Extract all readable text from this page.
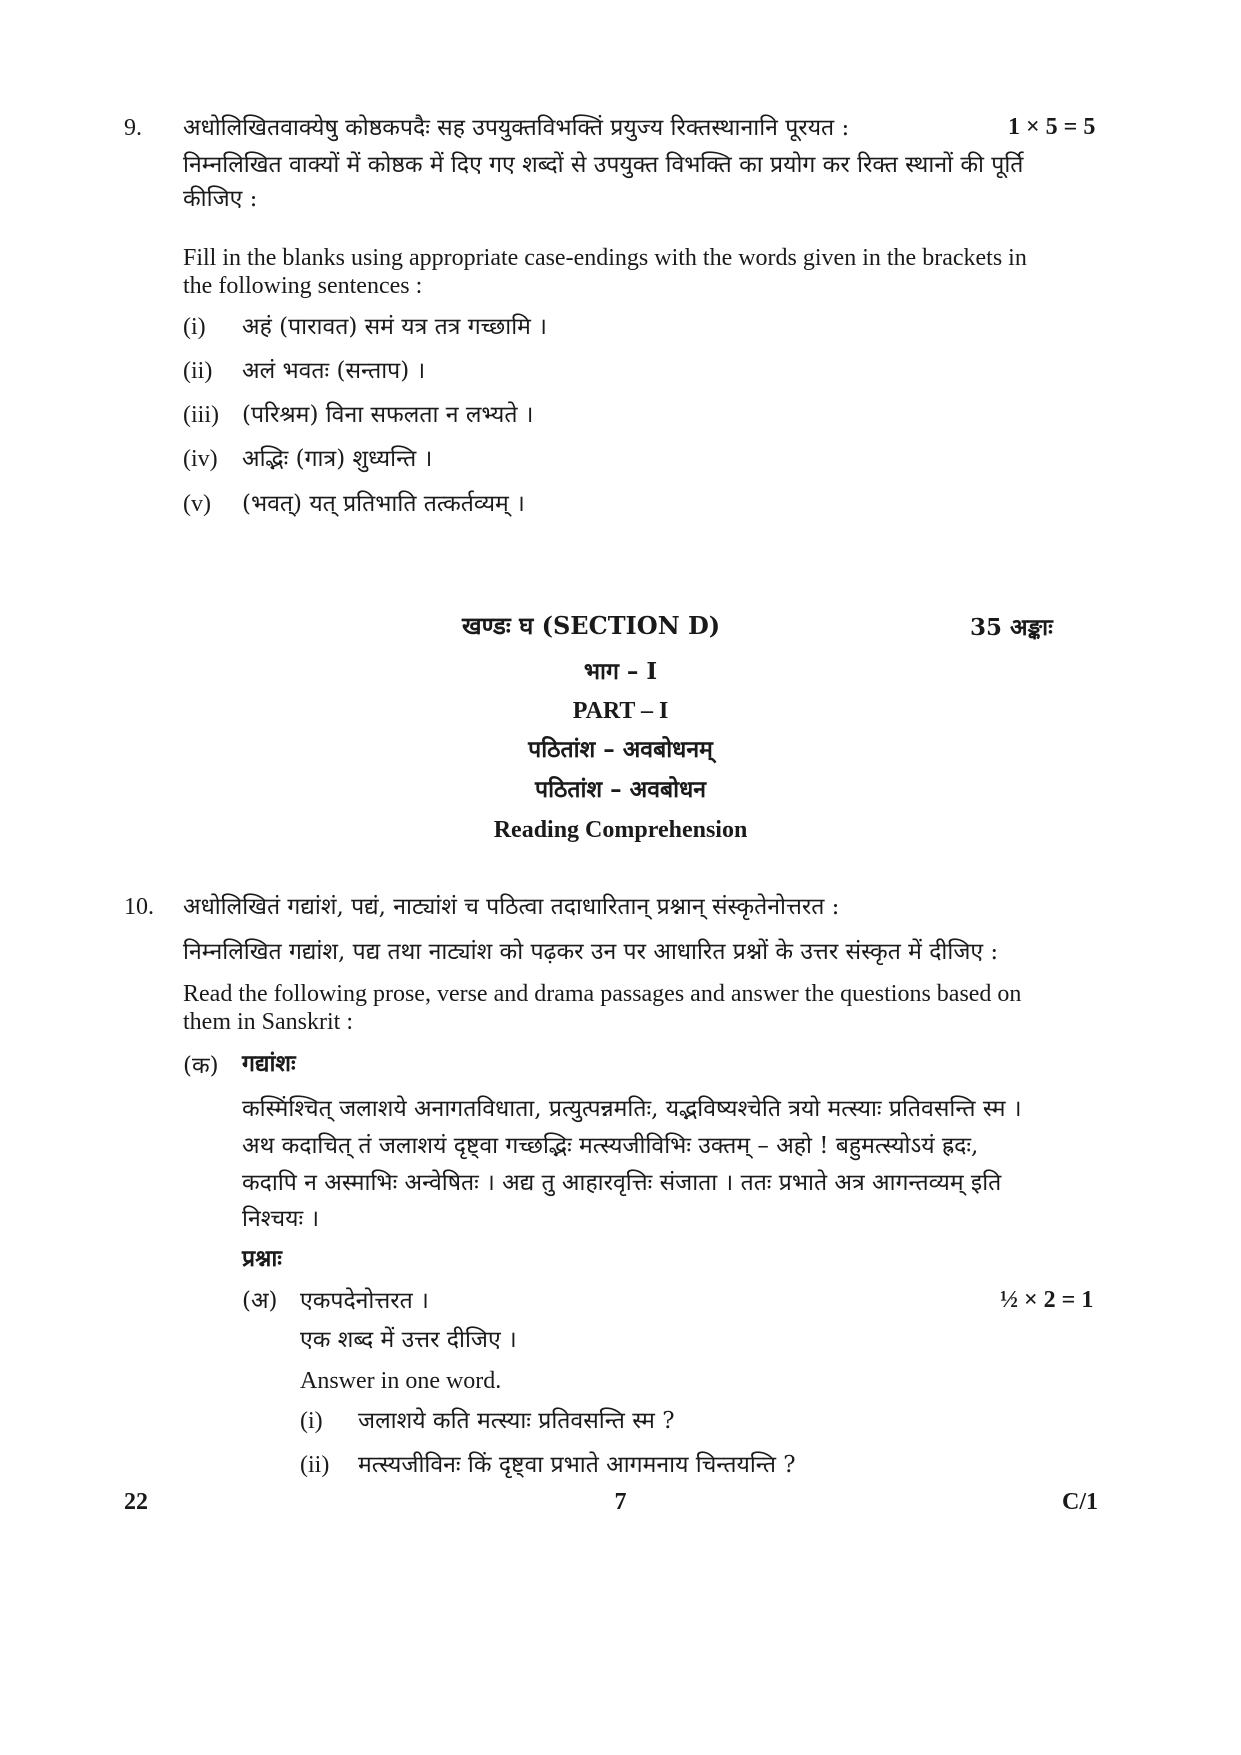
9. अधोलिखितवाक्येषु कोष्ठकपदैः सह उपयुक्तविभक्तिं प्रयुज्य रिक्तस्थानानि पूरयत :	1 × 5 = 5
निम्नलिखित वाक्यों में कोष्ठक में दिए गए शब्दों से उपयुक्त विभक्ति का प्रयोग कर रिक्त स्थानों की पूर्ति
कीजिए :
Fill in the blanks using appropriate case-endings with the words given in the brackets in
the following sentences :
(i) अहं (पारावत) समं यत्र तत्र गच्छामि ।
(ii) अलं भवतः (सन्ताप) ।
(iii) (परिश्रम) विना सफलता न लभ्यते ।
(iv) अद्भिः (गात्र) शुध्यन्ति ।
(v) (भवत्) यत् प्रतिभाति तत्कर्तव्यम् ।
खण्डः घ (SECTION D)	35 अङ्काः
भाग – I
PART – I
पठितांश – अवबोधनम्
पठितांश – अवबोधन
Reading Comprehension
10. अधोलिखितं गद्यांशं, पद्यं, नाट्यांशं च पठित्वा तदाधारितान् प्रश्नान् संस्कृतेनोत्तरत :
निम्नलिखित गद्यांश, पद्य तथा नाट्यांश को पढ़कर उन पर आधारित प्रश्नों के उत्तर संस्कृत में दीजिए :
Read the following prose, verse and drama passages and answer the questions based on
them in Sanskrit :
(क) गद्यांशः
कस्मिंश्चित् जलाशये अनागतविधाता, प्रत्युत्पन्नमतिः, यद्भविष्यश्चेति त्रयो मत्स्याः प्रतिवसन्ति स्म ।
अथ कदाचित् तं जलाशयं दृष्ट्वा गच्छद्भिः मत्स्यजीविभिः उक्तम् – अहो ! बहुमत्स्योऽयं ह्रदः,
कदापि न अस्माभिः अन्वेषितः । अद्य तु आहारवृत्तिः संजाता । ततः प्रभाते अत्र आगन्तव्यम् इति
निश्चयः ।
प्रश्नाः
(अ) एकपदेनोत्तरत ।	½ × 2 = 1
एक शब्द में उत्तर दीजिए ।
Answer in one word.
(i) जलाशये कति मत्स्याः प्रतिवसन्ति स्म ?
(ii) मत्स्यजीविनः किं दृष्ट्वा प्रभाते आगमनाय चिन्तयन्ति ?
22	7	C/1
